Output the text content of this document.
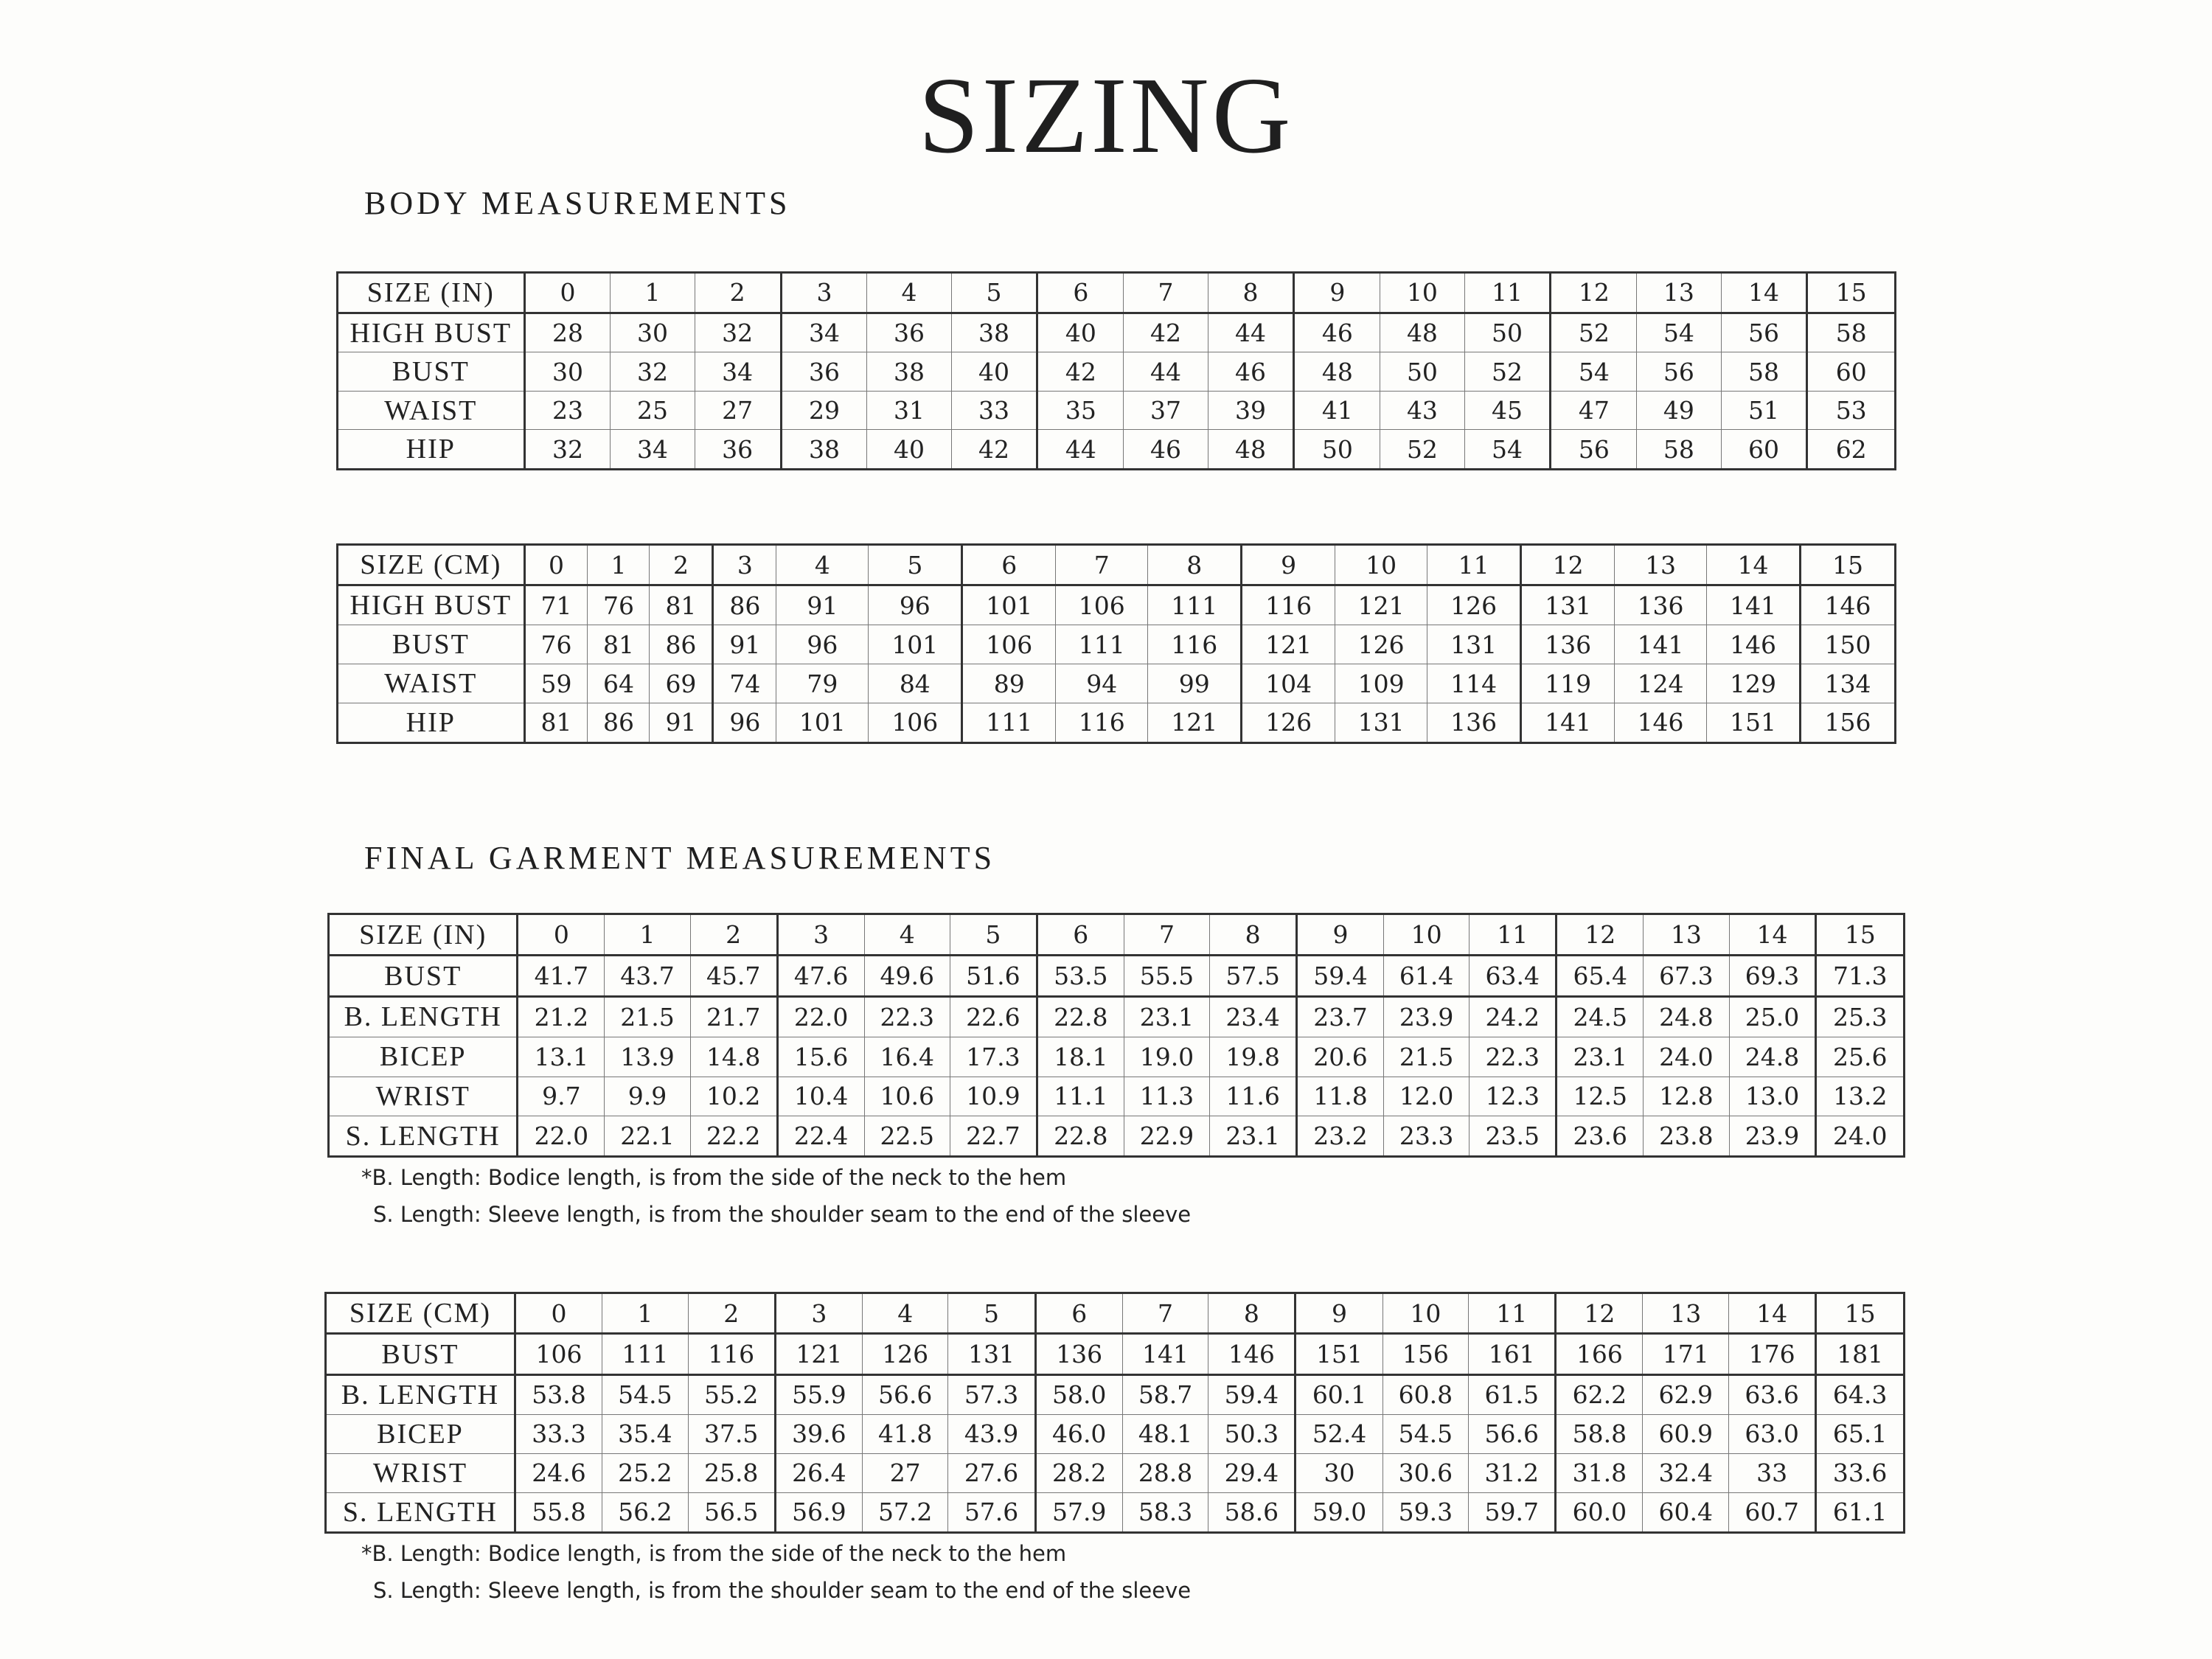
SIZING
BODY MEASUREMENTS
SIZE (IN)	0	1	2	3	4	5	6	7	8	9	10	11	12	13	14	15
HIGH BUST	28	30	32	34	36	38	40	42	44	46	48	50	52	54	56	58
BUST	30	32	34	36	38	40	42	44	46	48	50	52	54	56	58	60
WAIST	23	25	27	29	31	33	35	37	39	41	43	45	47	49	51	53
HIP	32	34	36	38	40	42	44	46	48	50	52	54	56	58	60	62
SIZE (CM)	0	1	2	3	4	5	6	7	8	9	10	11	12	13	14	15
HIGH BUST	71	76	81	86	91	96	101	106	111	116	121	126	131	136	141	146
BUST	76	81	86	91	96	101	106	111	116	121	126	131	136	141	146	150
WAIST	59	64	69	74	79	84	89	94	99	104	109	114	119	124	129	134
HIP	81	86	91	96	101	106	111	116	121	126	131	136	141	146	151	156
FINAL GARMENT MEASUREMENTS
SIZE (IN)	0	1	2	3	4	5	6	7	8	9	10	11	12	13	14	15
BUST	41.7	43.7	45.7	47.6	49.6	51.6	53.5	55.5	57.5	59.4	61.4	63.4	65.4	67.3	69.3	71.3
B. LENGTH	21.2	21.5	21.7	22.0	22.3	22.6	22.8	23.1	23.4	23.7	23.9	24.2	24.5	24.8	25.0	25.3
BICEP	13.1	13.9	14.8	15.6	16.4	17.3	18.1	19.0	19.8	20.6	21.5	22.3	23.1	24.0	24.8	25.6
WRIST	9.7	9.9	10.2	10.4	10.6	10.9	11.1	11.3	11.6	11.8	12.0	12.3	12.5	12.8	13.0	13.2
S. LENGTH	22.0	22.1	22.2	22.4	22.5	22.7	22.8	22.9	23.1	23.2	23.3	23.5	23.6	23.8	23.9	24.0

*B. Length: Bodice length, is from the side of the neck to the hem

S. Length: Sleeve length, is from the shoulder seam to the end of the sleeve

SIZE (CM)	0	1	2	3	4	5	6	7	8	9	10	11	12	13	14	15
BUST	106	111	116	121	126	131	136	141	146	151	156	161	166	171	176	181
B. LENGTH	53.8	54.5	55.2	55.9	56.6	57.3	58.0	58.7	59.4	60.1	60.8	61.5	62.2	62.9	63.6	64.3
BICEP	33.3	35.4	37.5	39.6	41.8	43.9	46.0	48.1	50.3	52.4	54.5	56.6	58.8	60.9	63.0	65.1
WRIST	24.6	25.2	25.8	26.4	27	27.6	28.2	28.8	29.4	30	30.6	31.2	31.8	32.4	33	33.6
S. LENGTH	55.8	56.2	56.5	56.9	57.2	57.6	57.9	58.3	58.6	59.0	59.3	59.7	60.0	60.4	60.7	61.1

*B. Length: Bodice length, is from the side of the neck to the hem

S. Length: Sleeve length, is from the shoulder seam to the end of the sleeve
